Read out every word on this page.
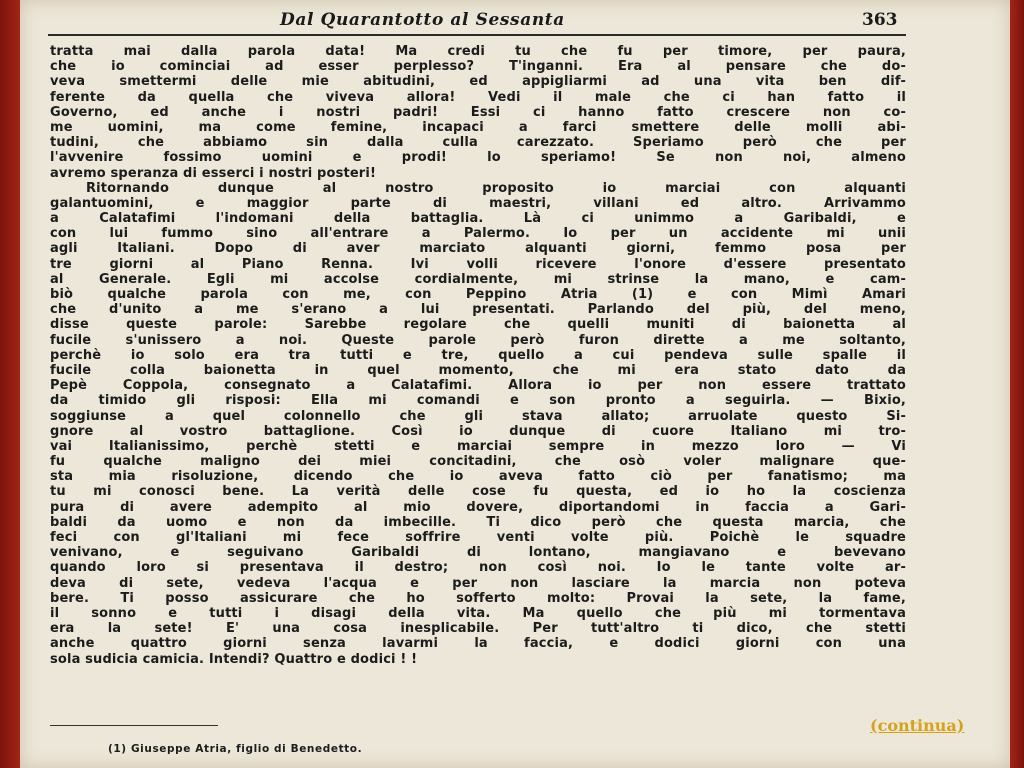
Dal Quarantotto al Sessanta	363
tratta mai dalla parola data! Ma credi tu che fu per timore, per paura,
che io cominciai ad esser perplesso? T'inganni. Era al pensare che do-
veva smettermi delle mie abitudini, ed appigliarmi ad una vita ben dif-
ferente da quella che viveva allora! Vedi il male che ci han fatto il
Governo, ed anche i nostri padri! Essi ci hanno fatto crescere non co-
me uomini, ma come femine, incapaci a farci smettere delle molli abi-
tudini, che abbiamo sin dalla culla carezzato. Speriamo però che per
l'avvenire fossimo uomini e prodi! lo speriamo! Se non noi, almeno
avremo speranza di esserci i nostri posteri!
Ritornando dunque al nostro proposito io marciai con alquanti
galantuomini, e maggior parte di maestri, villani ed altro. Arrivammo
a Calatafimi l'indomani della battaglia. Là ci unimmo a Garibaldi, e
con lui fummo sino all'entrare a Palermo. Io per un accidente mi unii
agli Italiani. Dopo di aver marciato alquanti giorni, femmo posa per
tre giorni al Piano Renna. Ivi volli ricevere l'onore d'essere presentato
al Generale. Egli mi accolse cordialmente, mi strinse la mano, e cam-
biò qualche parola con me, con Peppino Atria (1) e con Mimì Amari
che d'unito a me s'erano a lui presentati. Parlando del più, del meno,
disse queste parole: Sarebbe regolare che quelli muniti di baionetta al
fucile s'unissero a noi. Queste parole però furon dirette a me soltanto,
perchè io solo era tra tutti e tre, quello a cui pendeva sulle spalle il
fucile colla baionetta in quel momento, che mi era stato dato da
Pepè Coppola, consegnato a Calatafimi. Allora io per non essere trattato
da timido gli risposi: Ella mi comandi e son pronto a seguirla. — Bixio,
soggiunse a quel colonnello che gli stava allato; arruolate questo Si-
gnore al vostro battaglione. Così io dunque di cuore Italiano mi tro-
vai Italianissimo, perchè stetti e marciai sempre in mezzo loro — Vi
fu qualche maligno dei miei concitadini, che osò voler malignare que-
sta mia risoluzione, dicendo che io aveva fatto ciò per fanatismo; ma
tu mi conosci bene. La verità delle cose fu questa, ed io ho la coscienza
pura di avere adempito al mio dovere, diportandomi in faccia a Gari-
baldi da uomo e non da imbecille. Ti dico però che questa marcia, che
feci con gl'Italiani mi fece soffrire venti volte più. Poichè le squadre
venivano, e seguivano Garibaldi di lontano, mangiavano e bevevano
quando loro si presentava il destro; non così noi. Io le tante volte ar-
deva di sete, vedeva l'acqua e per non lasciare la marcia non poteva
bere. Ti posso assicurare che ho sofferto molto: Provai la sete, la fame,
il sonno e tutti i disagi della vita. Ma quello che più mi tormentava
era la sete! E' una cosa inesplicabile. Per tutt'altro ti dico, che stetti
anche quattro giorni senza lavarmi la faccia, e dodici giorni con una
sola sudicia camicia. Intendi? Quattro e dodici ! !
(1) Giuseppe Atria, figlio di Benedetto.
(continua)
